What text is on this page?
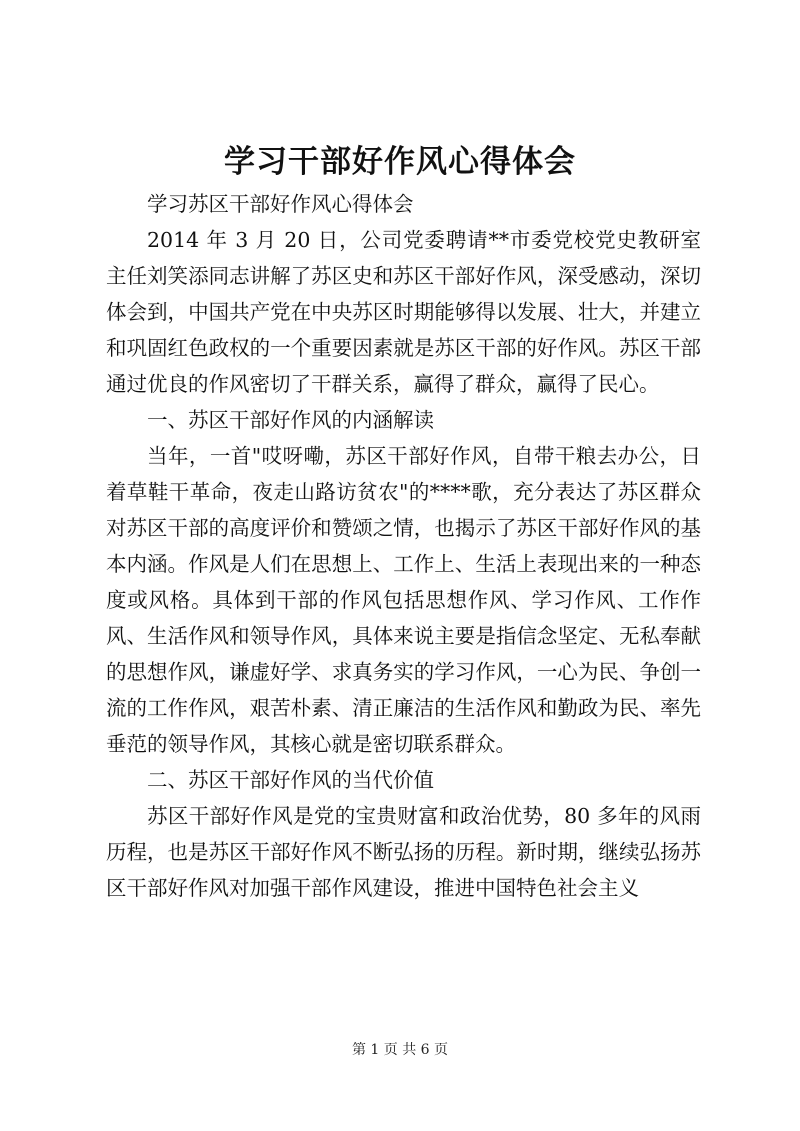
学习干部好作风心得体会

学习苏区干部好作风心得体会

2014 年 3 月 20 日，公司党委聘请**市委党校党史教研室主任刘笑添同志讲解了苏区史和苏区干部好作风，深受感动，深切体会到，中国共产党在中央苏区时期能够得以发展、壮大，并建立和巩固红色政权的一个重要因素就是苏区干部的好作风。苏区干部通过优良的作风密切了干群关系，赢得了群众，赢得了民心。

一、苏区干部好作风的内涵解读

当年，一首"哎呀嘞，苏区干部好作风，自带干粮去办公，日着草鞋干革命，夜走山路访贫农"的****歌，充分表达了苏区群众对苏区干部的高度评价和赞颂之情，也揭示了苏区干部好作风的基本内涵。作风是人们在思想上、工作上、生活上表现出来的一种态度或风格。具体到干部的作风包括思想作风、学习作风、工作作风、生活作风和领导作风，具体来说主要是指信念坚定、无私奉献的思想作风，谦虚好学、求真务实的学习作风，一心为民、争创一流的工作作风，艰苦朴素、清正廉洁的生活作风和勤政为民、率先垂范的领导作风，其核心就是密切联系群众。

二、苏区干部好作风的当代价值

苏区干部好作风是党的宝贵财富和政治优势，80 多年的风雨历程，也是苏区干部好作风不断弘扬的历程。新时期，继续弘扬苏区干部好作风对加强干部作风建设，推进中国特色社会主义

第 1 页 共 6 页
